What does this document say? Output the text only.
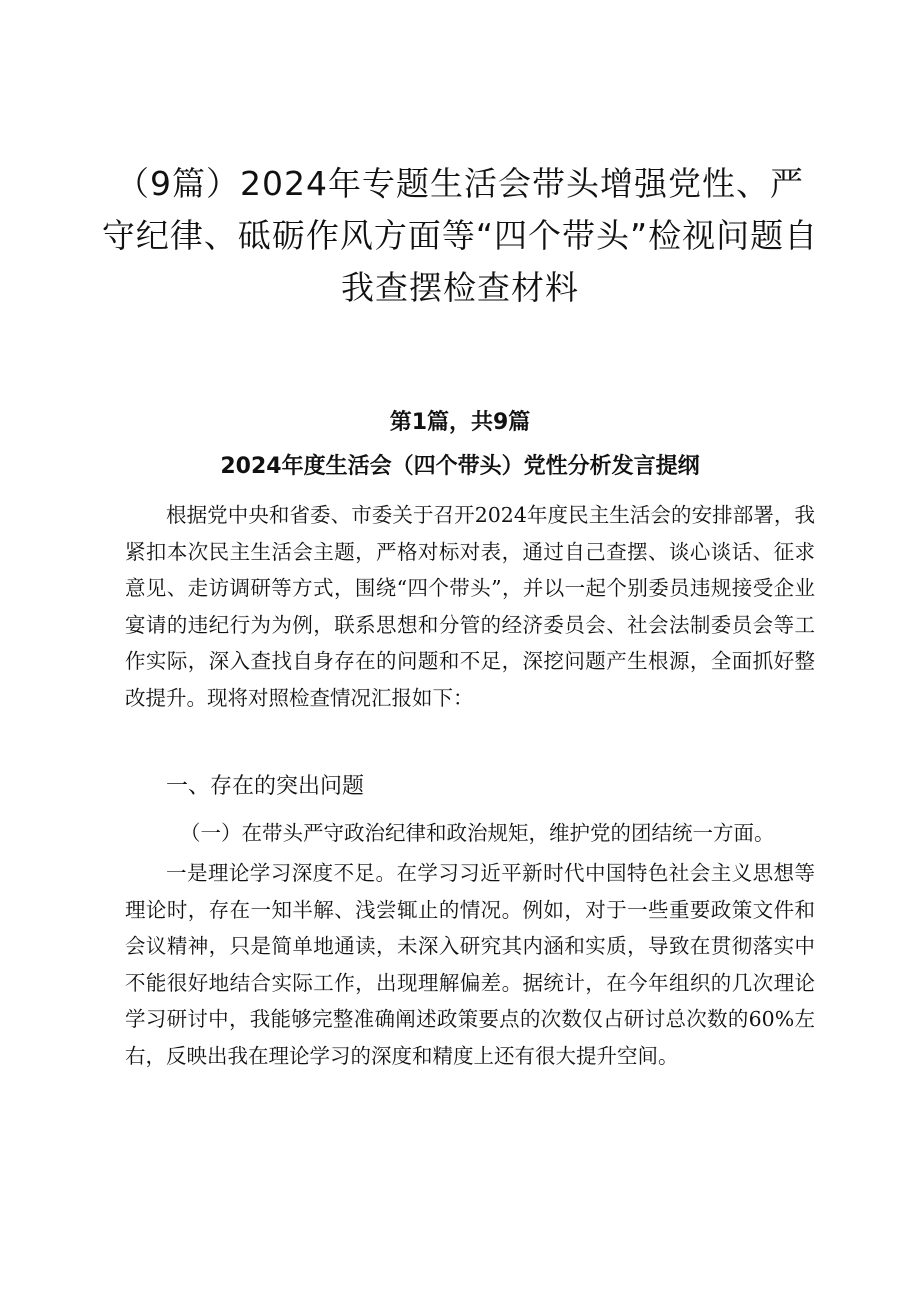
（9篇）2024年专题生活会带头增强党性、严守纪律、砥砺作风方面等“四个带头”检视问题自我查摆检查材料

第1篇，共9篇

2024年度生活会（四个带头）党性分析发言提纲

根据党中央和省委、市委关于召开2024年度民主生活会的安排部署，我紧扣本次民主生活会主题，严格对标对表，通过自己查摆、谈心谈话、征求意见、走访调研等方式，围绕“四个带头”，并以一起个别委员违规接受企业宴请的违纪行为为例，联系思想和分管的经济委员会、社会法制委员会等工作实际，深入查找自身存在的问题和不足，深挖问题产生根源，全面抓好整改提升。现将对照检查情况汇报如下：

一、存在的突出问题

（一）在带头严守政治纪律和政治规矩，维护党的团结统一方面。

一是理论学习深度不足。在学习习近平新时代中国特色社会主义思想等理论时，存在一知半解、浅尝辄止的情况。例如，对于一些重要政策文件和会议精神，只是简单地通读，未深入研究其内涵和实质，导致在贯彻落实中不能很好地结合实际工作，出现理解偏差。据统计，在今年组织的几次理论学习研讨中，我能够完整准确阐述政策要点的次数仅占研讨总次数的60%左右，反映出我在理论学习的深度和精度上还有很大提升空间。
